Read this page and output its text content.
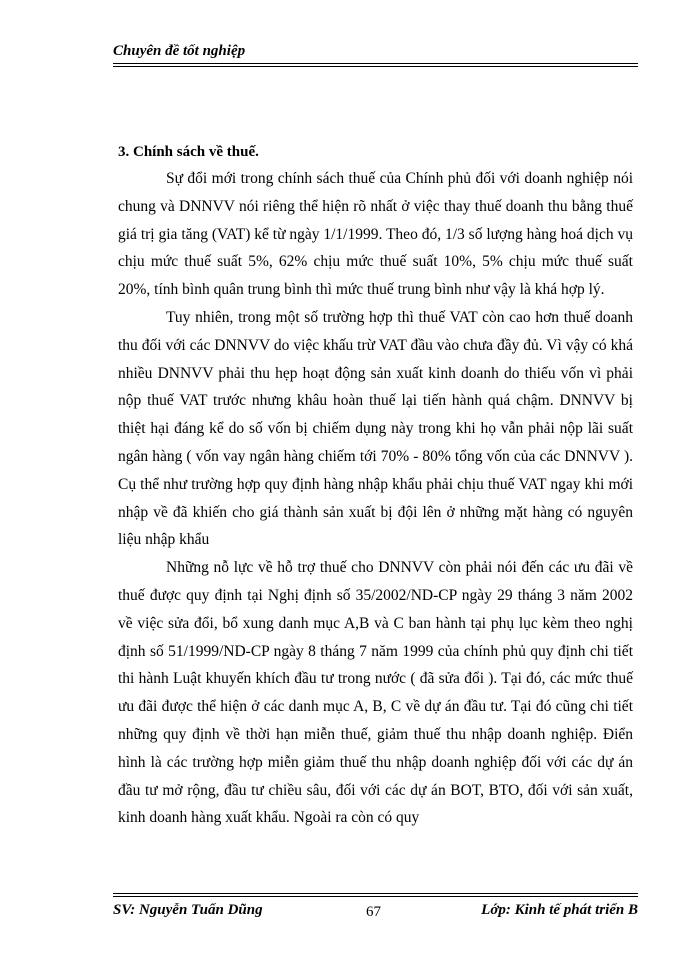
Chuyên đề tốt nghiệp

3. Chính sách về thuế.

Sự đổi mới trong chính sách thuế của Chính phủ đối với doanh nghiệp nói chung và DNNVV nói riêng thể hiện rõ nhất ở việc thay thuế doanh thu bằng thuế giá trị gia tăng (VAT) kể từ ngày 1/1/1999. Theo đó, 1/3 số lượng hàng hoá dịch vụ chịu mức thuế suất 5%, 62% chịu mức thuế suất 10%, 5% chịu mức thuế suất 20%, tính bình quân trung bình thì mức thuế trung bình như vậy là khá hợp lý.

Tuy nhiên, trong một số trường hợp thì thuế VAT còn cao hơn thuế doanh thu đối với các DNNVV do việc khấu trừ VAT đầu vào chưa đầy đủ. Vì vậy có khá nhiều DNNVV phải thu hẹp hoạt động sản xuất kinh doanh do thiếu vốn vì phải nộp thuế VAT trước nhưng khâu hoàn thuế lại tiến hành quá chậm. DNNVV bị thiệt hại đáng kể do số vốn bị chiếm dụng này trong khi họ vẫn phải nộp lãi suất ngân hàng ( vốn vay ngân hàng chiếm tới 70% - 80% tổng vốn của các DNNVV ). Cụ thể như trường hợp quy định hàng nhập khẩu phải chịu thuế VAT ngay khi mới nhập về đã khiến cho giá thành sản xuất bị đội lên ở những mặt hàng có nguyên liệu nhập khẩu

Những nỗ lực về hỗ trợ thuế cho DNNVV còn phải nói đến các ưu đãi về thuế được quy định tại Nghị định số 35/2002/ND-CP ngày 29 tháng 3 năm 2002 về việc sửa đổi, bổ xung danh mục A,B và C ban hành tại phụ lục kèm theo nghị định số 51/1999/ND-CP ngày 8 tháng 7 năm 1999 của chính phủ quy định chi tiết thi hành Luật khuyến khích đầu tư trong nước ( đã sửa đổi ). Tại đó, các mức thuế ưu đãi được thể hiện ở các danh mục A, B, C về dự án đầu tư. Tại đó cũng chi tiết những quy định về thời hạn miễn thuế, giảm thuế thu nhập doanh nghiệp. Điển hình là các trường hợp miễn giảm thuế thu nhập doanh nghiệp đối với các dự án đầu tư mở rộng, đầu tư chiều sâu, đối với các dự án BOT, BTO, đối với sản xuất, kinh doanh hàng xuất khẩu. Ngoài ra còn có quy

SV: Nguyễn Tuấn Dũng	67	Lớp: Kinh tế phát triển B
